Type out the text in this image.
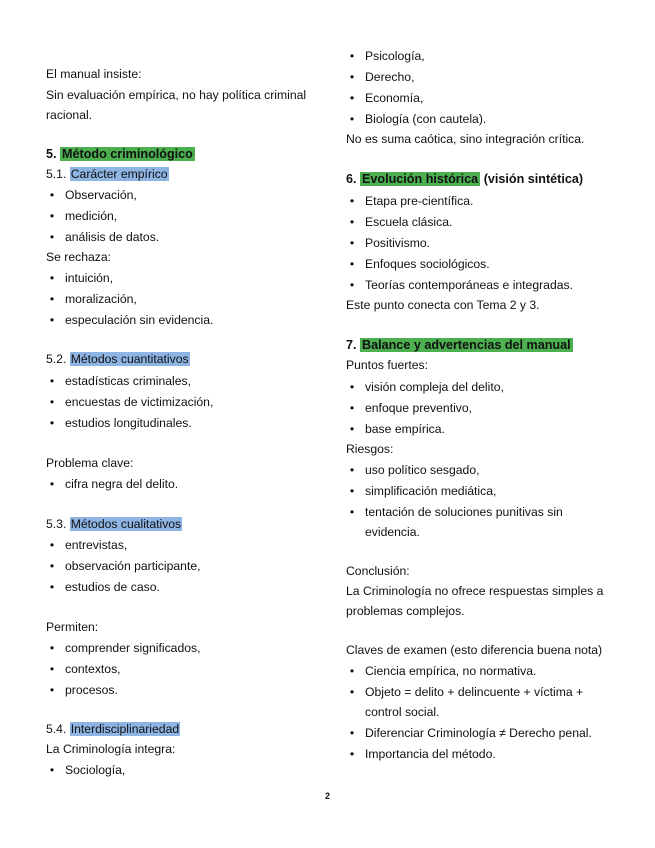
El manual insiste:
Sin evaluación empírica, no hay política criminal
racional.
5. Método criminológico
5.1. Carácter empírico
• Observación,
• medición,
• análisis de datos.
Se rechaza:
• intuición,
• moralización,
• especulación sin evidencia.
5.2. Métodos cuantitativos
• estadísticas criminales,
• encuestas de victimización,
• estudios longitudinales.
Problema clave:
• cifra negra del delito.
5.3. Métodos cualitativos
• entrevistas,
• observación participante,
• estudios de caso.
Permiten:
• comprender significados,
• contextos,
• procesos.
5.4. Interdisciplinariedad
La Criminología integra:
• Sociología,
• Psicología,
• Derecho,
• Economía,
• Biología (con cautela).
No es suma caótica, sino integración crítica.
6. Evolución histórica (visión sintética)
• Etapa pre-científica.
• Escuela clásica.
• Positivismo.
• Enfoques sociológicos.
• Teorías contemporáneas e integradas.
Este punto conecta con Tema 2 y 3.
7. Balance y advertencias del manual
Puntos fuertes:
• visión compleja del delito,
• enfoque preventivo,
• base empírica.
Riesgos:
• uso político sesgado,
• simplificación mediática,
• tentación de soluciones punitivas sin
evidencia.
Conclusión:
La Criminología no ofrece respuestas simples a
problemas complejos.
Claves de examen (esto diferencia buena nota)
• Ciencia empírica, no normativa.
• Objeto = delito + delincuente + víctima +
control social.
• Diferenciar Criminología ≠ Derecho penal.
• Importancia del método.
2
